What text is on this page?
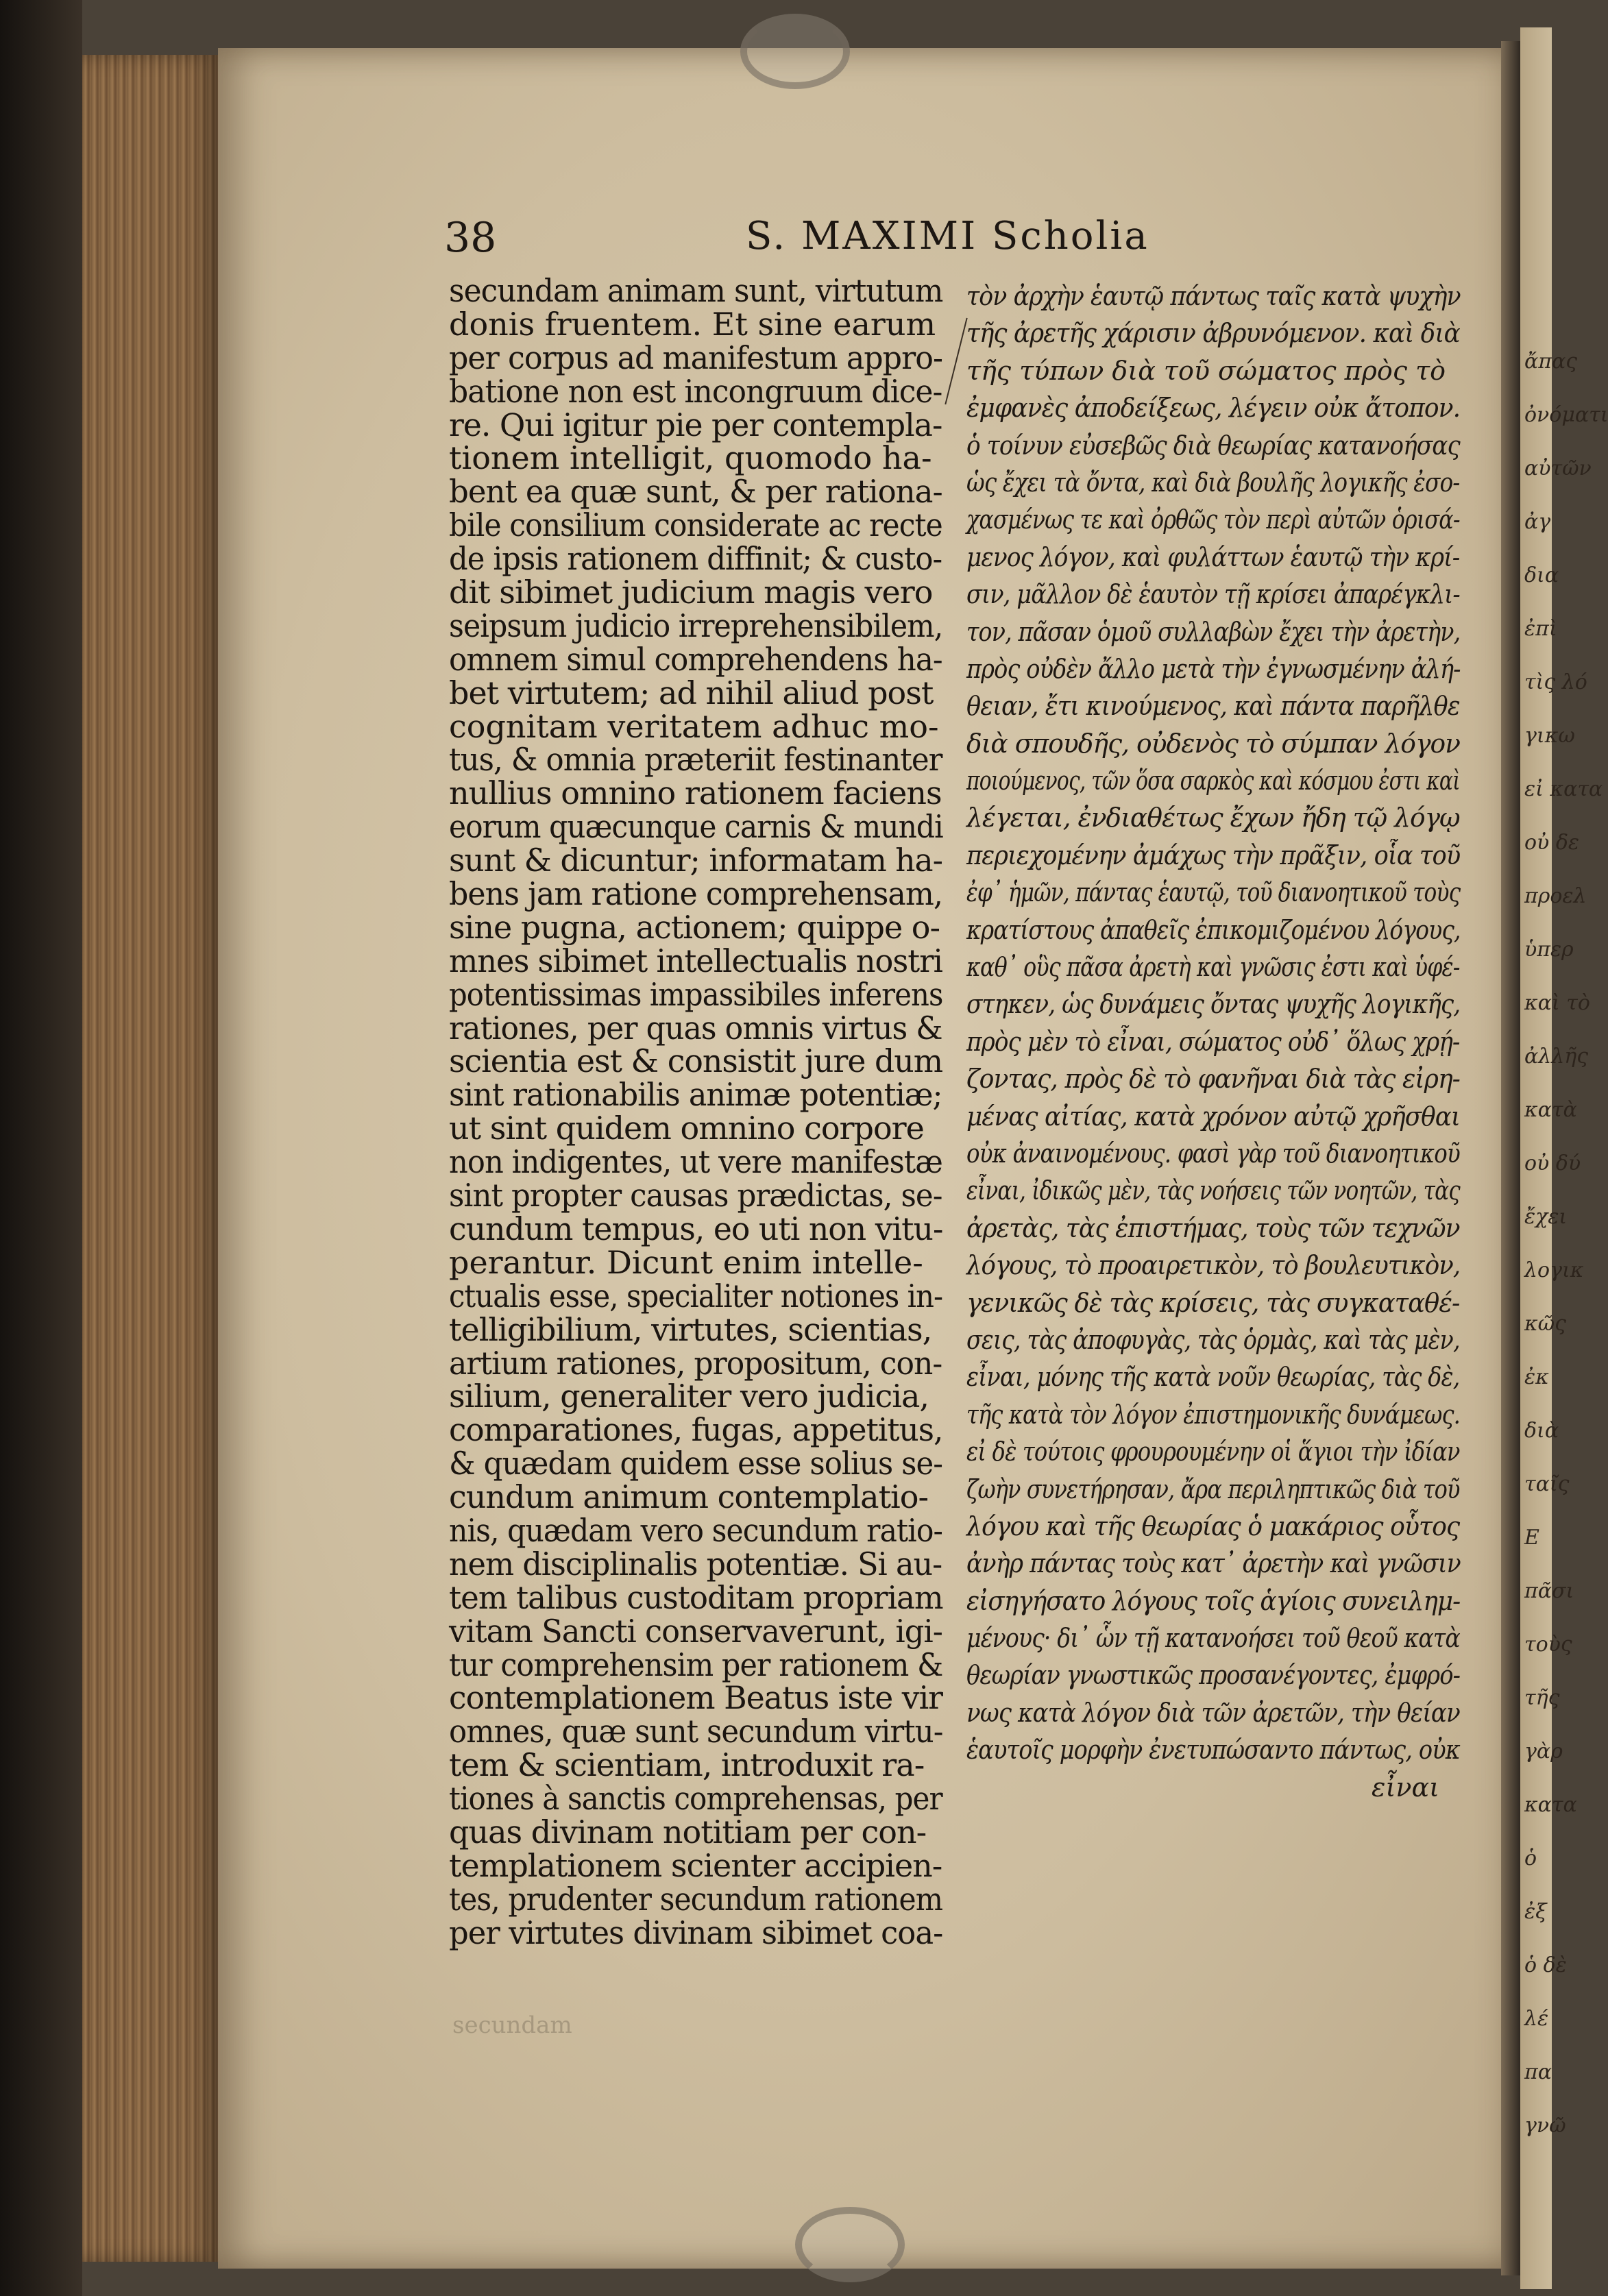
ἄπας
ὀνόματι
αὐτῶν
ἀγ
δια
ἐπὶ
τὶς λό
γικω
εἰ κατα
οὐ δε
προελ
ὑπερ
καὶ τὸ
ἀλλῆς
κατὰ
οὐ δύ
ἔχει
λογικ
κῶς
ἐκ
διὰ
ταῖς
Ε
πᾶσι
τοὺς
τῆς
γὰρ
κατα
ὁ
ἐξ
ὁ δὲ
λέ
πα
γνῶ
38	S. MAXIMI Scholia
secundam animam sunt, virtutum
donis fruentem. Et sine earum
per corpus ad manifestum appro-
batione non est incongruum dice-
re. Qui igitur pie per contempla-
tionem intelligit, quomodo ha-
bent ea quæ sunt, & per rationa-
bile consilium considerate ac recte
de ipsis rationem diffinit; & custo-
dit sibimet judicium magis vero
seipsum judicio irreprehensibilem,
omnem simul comprehendens ha-
bet virtutem; ad nihil aliud post
cognitam veritatem adhuc mo-
tus, & omnia præteriit festinanter
nullius omnino rationem faciens
eorum quæcunque carnis & mundi
sunt & dicuntur; informatam ha-
bens jam ratione comprehensam,
sine pugna, actionem; quippe o-
mnes sibimet intellectualis nostri
potentissimas impassibiles inferens
rationes, per quas omnis virtus &
scientia est & consistit jure dum
sint rationabilis animæ potentiæ;
ut sint quidem omnino corpore
non indigentes, ut vere manifestæ
sint propter causas prædictas, se-
cundum tempus, eo uti non vitu-
perantur. Dicunt enim intelle-
ctualis esse, specialiter notiones in-
telligibilium, virtutes, scientias,
artium rationes, propositum, con-
silium, generaliter vero judicia,
comparationes, fugas, appetitus,
& quædam quidem esse solius se-
cundum animum contemplatio-
nis, quædam vero secundum ratio-
nem disciplinalis potentiæ. Si au-
tem talibus custoditam propriam
vitam Sancti conservaverunt, igi-
tur comprehensim per rationem &
contemplationem Beatus iste vir
omnes, quæ sunt secundum virtu-
tem & scientiam, introduxit ra-
tiones à sanctis comprehensas, per
quas divinam notitiam per con-
templationem scienter accipien-
tes, prudenter secundum rationem
per virtutes divinam sibimet coa-
τὸν ἀρχὴν ἑαυτῷ πάντως ταῖς κατὰ ψυχὴν
τῆς ἀρετῆς χάρισιν ἀβρυνόμενον. καὶ διὰ
τῆς τύπων διὰ τοῦ σώματος πρὸς τὸ
ἐμφανὲς ἀποδείξεως, λέγειν οὐκ ἄτοπον.
ὁ τοίνυν εὐσεβῶς διὰ θεωρίας κατανοήσας
ὡς ἔχει τὰ ὄντα, καὶ διὰ βουλῆς λογικῆς ἐσο-
χασμένως τε καὶ ὀρθῶς τὸν περὶ αὐτῶν ὁρισά-
μενος λόγον, καὶ φυλάττων ἑαυτῷ τὴν κρί-
σιν, μᾶλλον δὲ ἑαυτὸν τῇ κρίσει ἀπαρέγκλι-
τον, πᾶσαν ὁμοῦ συλλαβὼν ἔχει τὴν ἀρετὴν,
πρὸς οὐδὲν ἄλλο μετὰ τὴν ἐγνωσμένην ἀλή-
θειαν, ἔτι κινούμενος, καὶ πάντα παρῆλθε
διὰ σπουδῆς, οὐδενὸς τὸ σύμπαν λόγον
ποιούμενος, τῶν ὅσα σαρκὸς καὶ κόσμου ἐστι καὶ
λέγεται, ἐνδιαθέτως ἔχων ἤδη τῷ λόγῳ
περιεχομένην ἀμάχως τὴν πρᾶξιν, οἷα τοῦ
ἐφ᾽ ἡμῶν, πάντας ἑαυτῷ, τοῦ διανοητικοῦ τοὺς
κρατίστους ἀπαθεῖς ἐπικομιζομένου λόγους,
καθ᾽ οὓς πᾶσα ἀρετὴ καὶ γνῶσις ἐστι καὶ ὑφέ-
στηκεν, ὡς δυνάμεις ὄντας ψυχῆς λογικῆς,
πρὸς μὲν τὸ εἶναι, σώματος οὐδ᾽ ὅλως χρῄ-
ζοντας, πρὸς δὲ τὸ φανῆναι διὰ τὰς εἰρη-
μένας αἰτίας, κατὰ χρόνον αὐτῷ χρῆσθαι
οὐκ ἀναινομένους. φασὶ γὰρ τοῦ διανοητικοῦ
εἶναι, ἰδικῶς μὲν, τὰς νοήσεις τῶν νοητῶν, τὰς
ἀρετὰς, τὰς ἐπιστήμας, τοὺς τῶν τεχνῶν
λόγους, τὸ προαιρετικὸν, τὸ βουλευτικὸν,
γενικῶς δὲ τὰς κρίσεις, τὰς συγκαταθέ-
σεις, τὰς ἀποφυγὰς, τὰς ὁρμὰς, καὶ τὰς μὲν,
εἶναι, μόνης τῆς κατὰ νοῦν θεωρίας, τὰς δὲ,
τῆς κατὰ τὸν λόγον ἐπιστημονικῆς δυνάμεως.
εἰ δὲ τούτοις φρουρουμένην οἱ ἅγιοι τὴν ἰδίαν
ζωὴν συνετήρησαν, ἄρα περιληπτικῶς διὰ τοῦ
λόγου καὶ τῆς θεωρίας ὁ μακάριος οὗτος
ἀνὴρ πάντας τοὺς κατ᾽ ἀρετὴν καὶ γνῶσιν
εἰσηγήσατο λόγους τοῖς ἁγίοις συνειλημ-
μένους· δι᾽ ὧν τῇ κατανοήσει τοῦ θεοῦ κατὰ
θεωρίαν γνωστικῶς προσανέγοντες, ἐμφρό-
νως κατὰ λόγον διὰ τῶν ἀρετῶν, τὴν θείαν
ἑαυτοῖς μορφὴν ἐνετυπώσαντο πάντως, οὐκ
εἶναι
secundam
